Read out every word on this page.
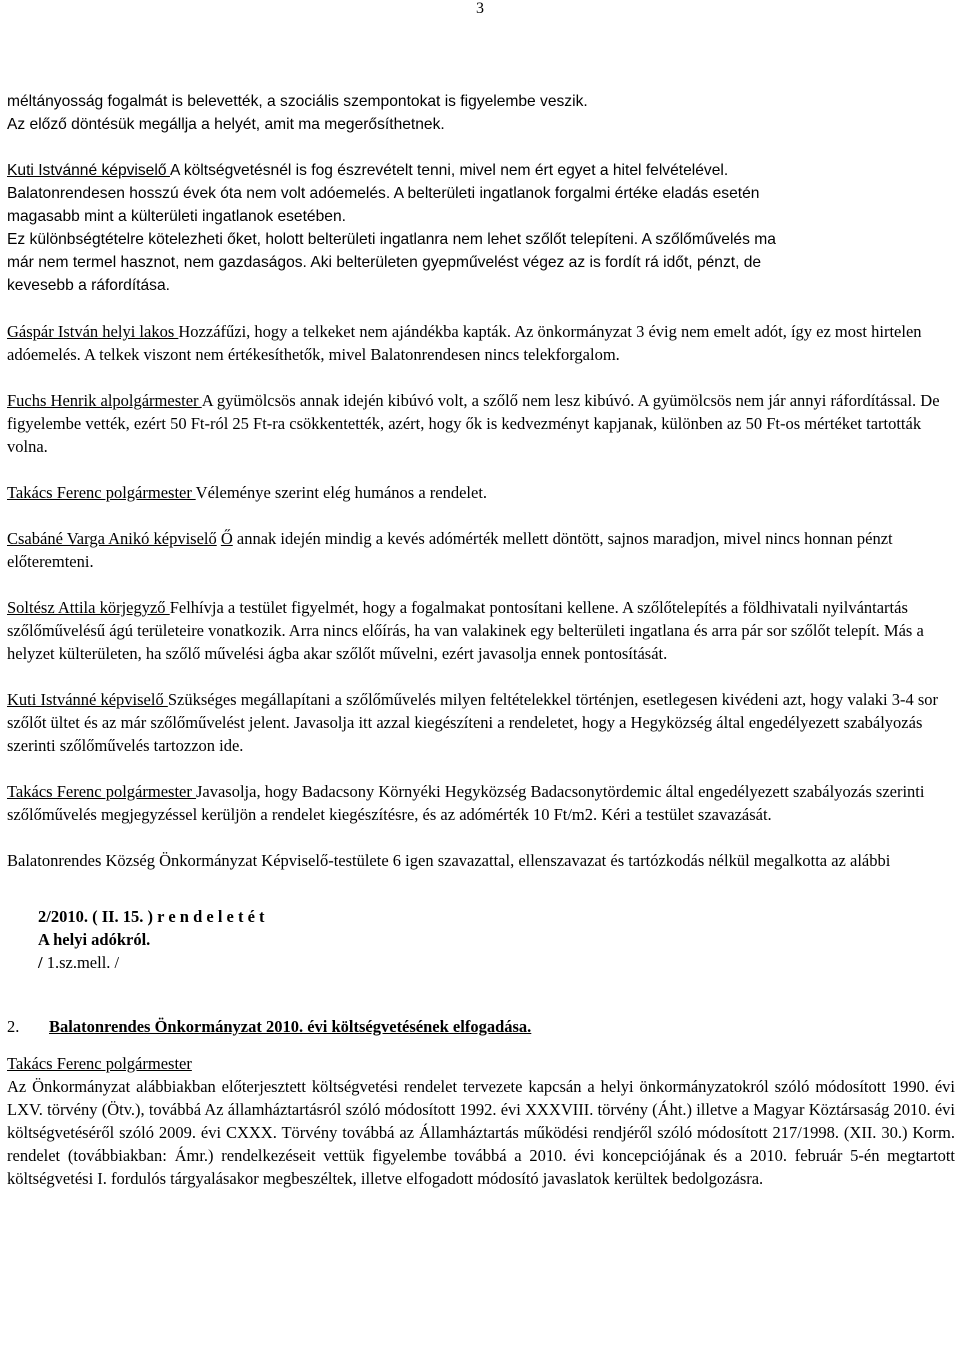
3

méltányosság fogalmát is belevették, a szociális szempontokat is figyelembe veszik.

Az előző döntésük megállja a helyét, amit ma megerősíthetnek.

Kuti Istvánné képviselő A költségvetésnél is fog észrevételt tenni, mivel nem ért egyet a hitel felvételével.

Balatonrendesen hosszú évek óta nem volt adóemelés. A belterületi ingatlanok forgalmi értéke eladás esetén

magasabb mint a külterületi ingatlanok esetében.

Ez különbségtételre kötelezheti őket, holott belterületi ingatlanra nem lehet szőlőt telepíteni. A szőlőművelés ma

már nem termel hasznot, nem gazdaságos. Aki belterületen gyepművelést végez az is fordít rá időt, pénzt, de

kevesebb a ráfordítása.

Gáspár István helyi lakos Hozzáfűzi, hogy a telkeket nem ajándékba kapták. Az önkormányzat 3 évig nem emelt adót, így ez most hirtelen adóemelés. A telkek viszont nem értékesíthetők, mivel Balatonrendesen nincs telekforgalom.

Fuchs Henrik alpolgármester A gyümölcsös annak idején kibúvó volt, a szőlő nem lesz kibúvó. A gyümölcsös nem jár annyi ráfordítással. De figyelembe vették, ezért 50 Ft-ról 25 Ft-ra csökkentették, azért, hogy ők is kedvezményt kapjanak, különben az 50 Ft-os mértéket tartották volna.

Takács Ferenc polgármester Véleménye szerint elég humános a rendelet.

Csabáné Varga Anikó képviselő Ő annak idején mindig a kevés adómérték mellett döntött, sajnos maradjon, mivel nincs honnan pénzt előteremteni.

Soltész Attila körjegyző Felhívja a testület figyelmét, hogy a fogalmakat pontosítani kellene. A szőlőtelepítés a földhivatali nyilvántartás szőlőművelésű ágú területeire vonatkozik. Arra nincs előírás, ha van valakinek egy belterületi ingatlana és arra pár sor szőlőt telepít. Más a helyzet külterületen, ha szőlő művelési ágba akar szőlőt művelni, ezért javasolja ennek pontosítását.

Kuti Istvánné képviselő Szükséges megállapítani a szőlőművelés milyen feltételekkel történjen, esetlegesen kivédeni azt, hogy valaki 3-4 sor szőlőt ültet és az már szőlőművelést jelent. Javasolja itt azzal kiegészíteni a rendeletet, hogy a Hegyközség által engedélyezett szabályozás szerinti szőlőművelés tartozzon ide.

Takács Ferenc polgármester Javasolja, hogy Badacsony Környéki Hegyközség Badacsonytördemic által engedélyezett szabályozás szerinti szőlőművelés megjegyzéssel kerüljön a rendelet kiegészítésre, és az adómérték 10 Ft/m2. Kéri a testület szavazását.

Balatonrendes Község Önkormányzat Képviselő-testülete 6 igen szavazattal, ellenszavazat és tartózkodás nélkül megalkotta az alábbi

2/2010. ( II. 15. ) r e n d e l e t é t

A helyi adókról.

/ 1.sz.mell. /

2. Balatonrendes Önkormányzat 2010. évi költségvetésének elfogadása.

Takács Ferenc polgármester

Az Önkormányzat alábbiakban előterjesztett költségvetési rendelet tervezete kapcsán a helyi önkormányzatokról szóló módosított 1990. évi LXV. törvény (Ötv.), továbbá Az államháztartásról szóló módosított 1992. évi XXXVIII. törvény (Áht.) illetve a Magyar Köztársaság 2010. évi költségvetéséről szóló 2009. évi CXXX. Törvény továbbá az Államháztartás működési rendjéről szóló módosított 217/1998. (XII. 30.) Korm. rendelet (továbbiakban: Ámr.) rendelkezéseit vettük figyelembe továbbá a 2010. évi koncepciójának és a 2010. február 5-én megtartott költségvetési I. fordulós tárgyalásakor megbeszéltek, illetve elfogadott módosító javaslatok kerültek bedolgozásra.
